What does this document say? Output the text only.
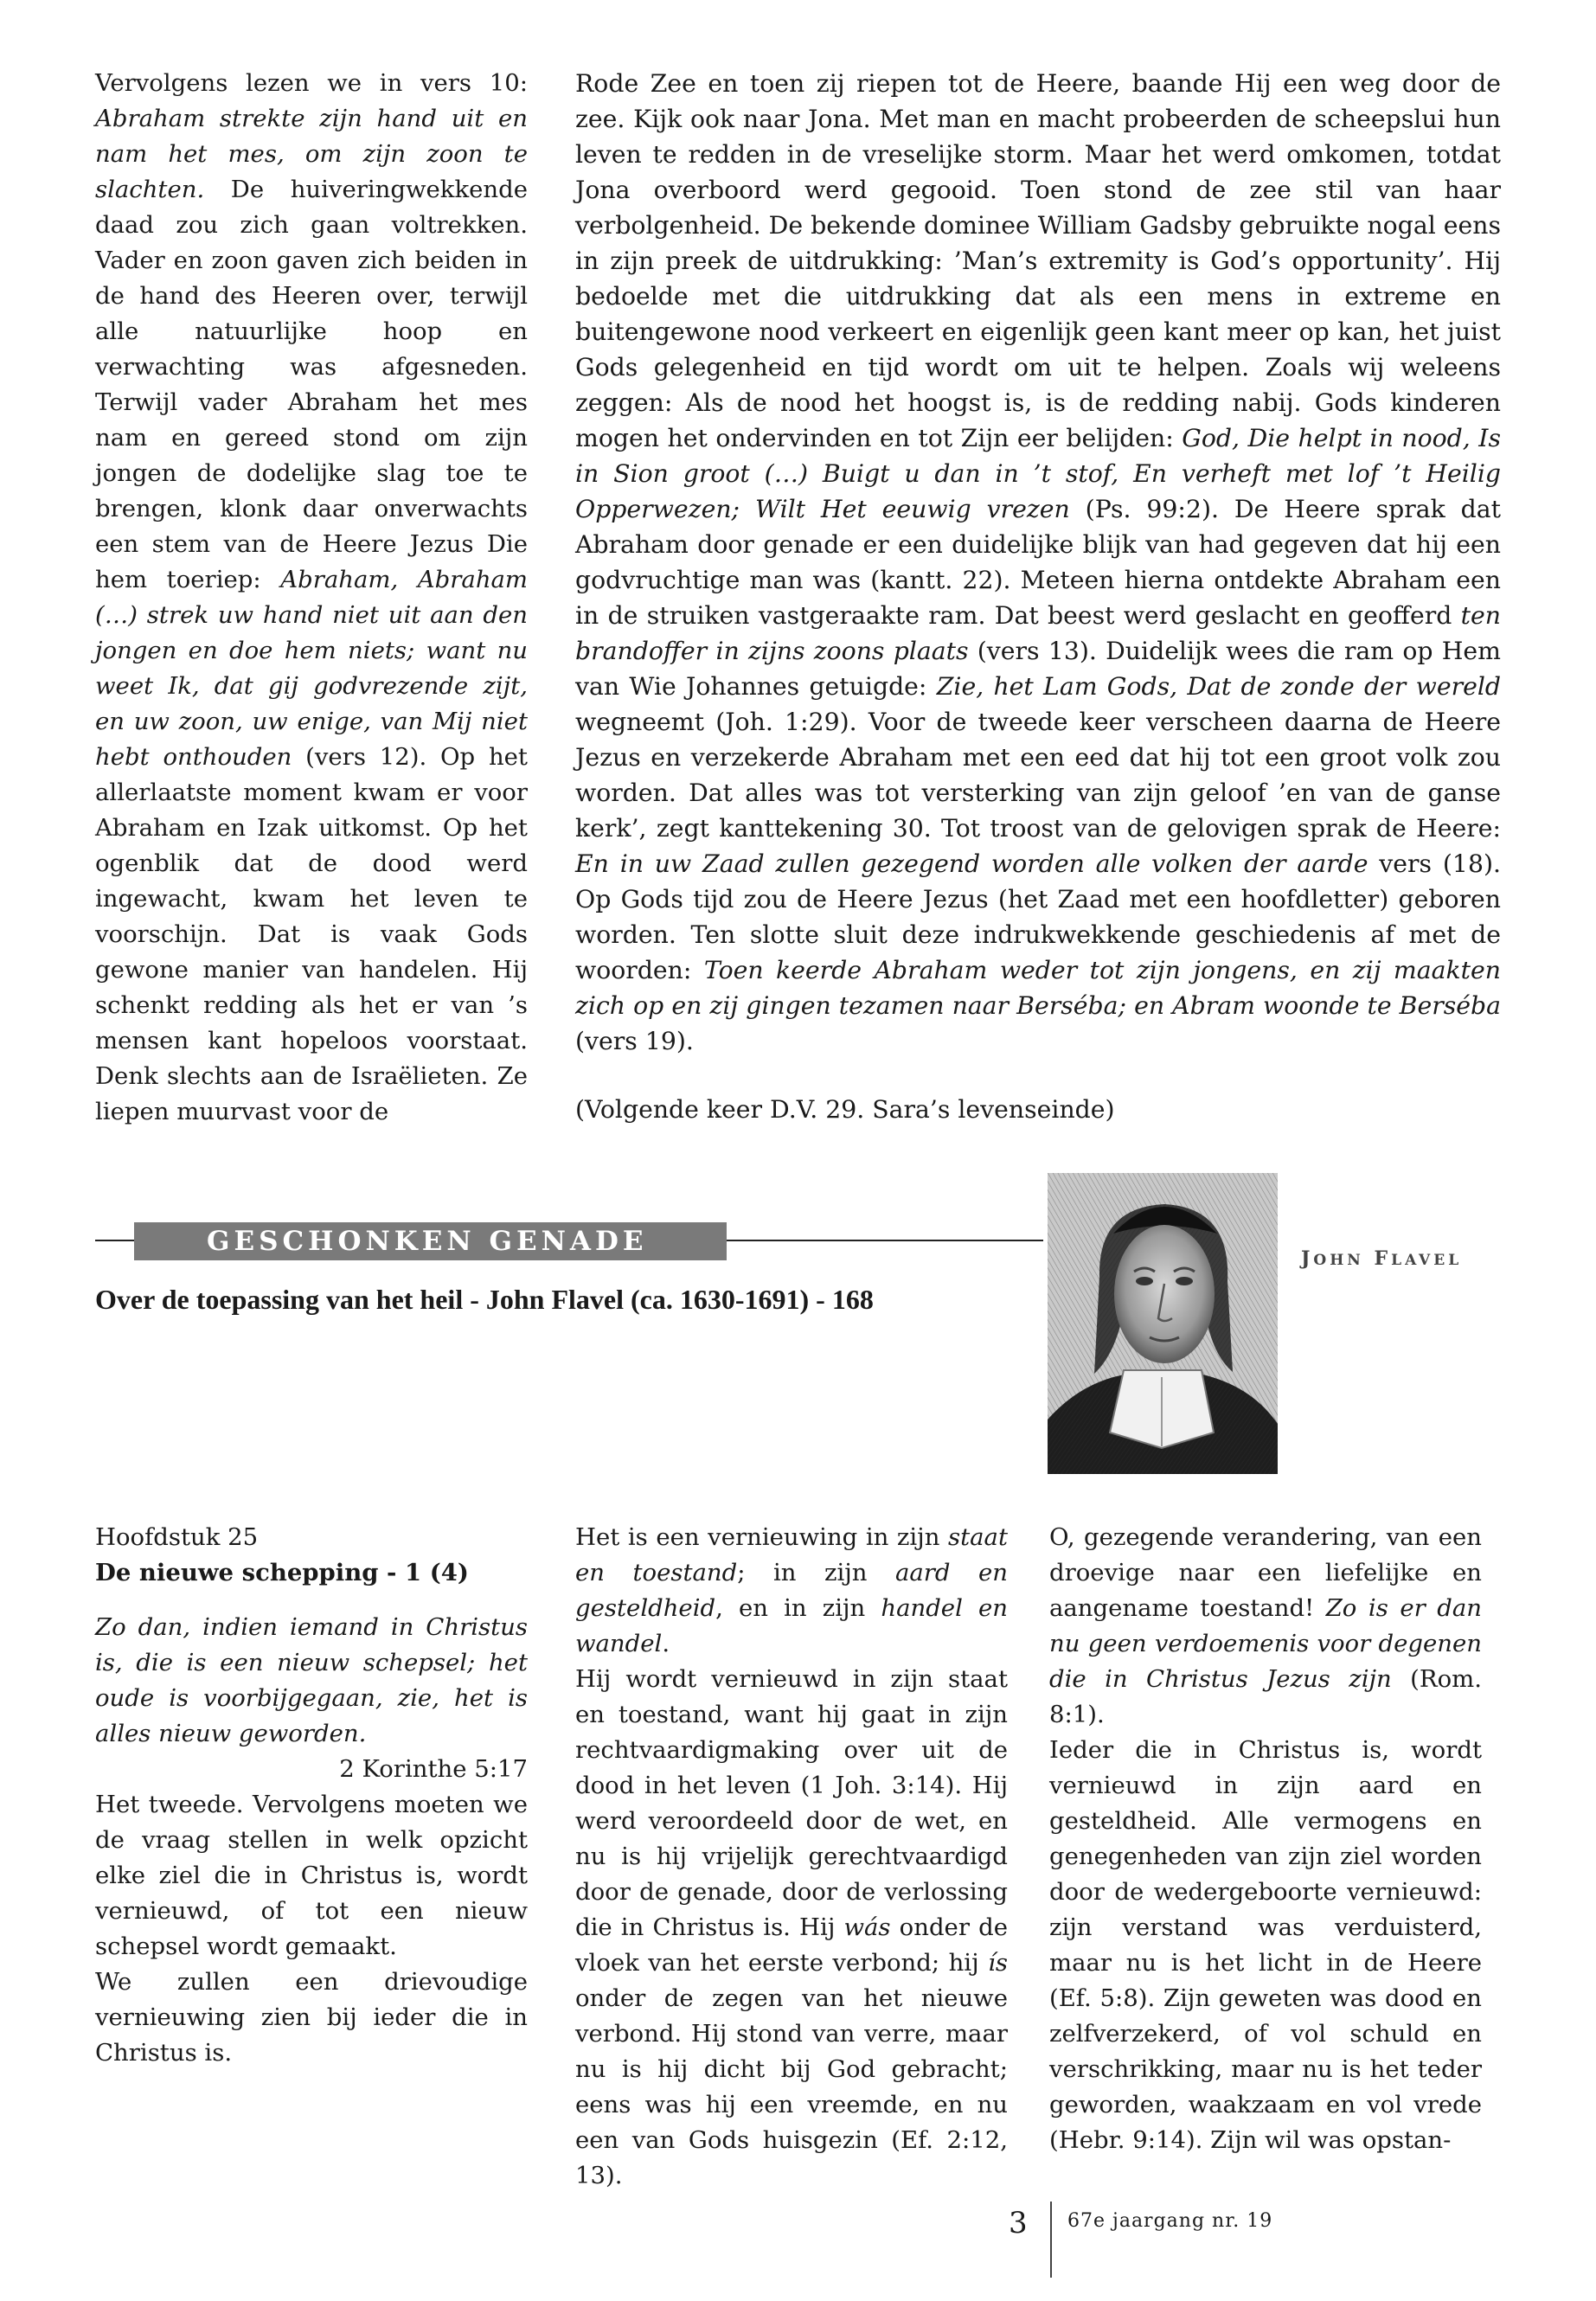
Vervolgens lezen we in vers 10: Abraham strekte zijn hand uit en nam het mes, om zijn zoon te slachten. De huiveringwekkende daad zou zich gaan voltrekken. Vader en zoon gaven zich beiden in de hand des Heeren over, terwijl alle natuurlijke hoop en verwachting was afgesneden. Terwijl vader Abraham het mes nam en gereed stond om zijn jongen de dodelijke slag toe te brengen, klonk daar onverwachts een stem van de Heere Jezus Die hem toeriep: Abraham, Abraham (…) strek uw hand niet uit aan den jongen en doe hem niets; want nu weet Ik, dat gij godvrezende zijt, en uw zoon, uw enige, van Mij niet hebt onthouden (vers 12). Op het allerlaatste moment kwam er voor Abraham en Izak uitkomst. Op het ogenblik dat de dood werd ingewacht, kwam het leven te voorschijn. Dat is vaak Gods gewone manier van handelen. Hij schenkt redding als het er van ’s mensen kant hopeloos voorstaat. Denk slechts aan de Israëlieten. Ze liepen muurvast voor de

Rode Zee en toen zij riepen tot de Heere, baande Hij een weg door de zee. Kijk ook naar Jona. Met man en macht probeerden de scheepslui hun leven te redden in de vreselijke storm. Maar het werd omkomen, totdat Jona overboord werd gegooid. Toen stond de zee stil van haar verbolgenheid. De bekende dominee William Gadsby gebruikte nogal eens in zijn preek de uitdrukking: ’Man’s extremity is God’s opportunity’. Hij bedoelde met die uitdrukking dat als een mens in extreme en buitengewone nood verkeert en eigenlijk geen kant meer op kan, het juist Gods gelegenheid en tijd wordt om uit te helpen. Zoals wij weleens zeggen: Als de nood het hoogst is, is de redding nabij. Gods kinderen mogen het ondervinden en tot Zijn eer belijden: God, Die helpt in nood, Is in Sion groot (…) Buigt u dan in ’t stof, En verheft met lof ’t Heilig Opperwezen; Wilt Het eeuwig vrezen (Ps. 99:2). De Heere sprak dat Abraham door genade er een duidelijke blijk van had gegeven dat hij een godvruchtige man was (kantt. 22). Meteen hierna ontdekte Abraham een in de struiken vastgeraakte ram. Dat beest werd geslacht en geofferd ten brandoffer in zijns zoons plaats (vers 13). Duidelijk wees die ram op Hem van Wie Johannes getuigde: Zie, het Lam Gods, Dat de zonde der wereld wegneemt (Joh. 1:29). Voor de tweede keer verscheen daarna de Heere Jezus en verzekerde Abraham met een eed dat hij tot een groot volk zou worden. Dat alles was tot versterking van zijn geloof ’en van de ganse kerk’, zegt kanttekening 30. Tot troost van de gelovigen sprak de Heere: En in uw Zaad zullen gezegend worden alle volken der aarde vers (18). Op Gods tijd zou de Heere Jezus (het Zaad met een hoofdletter) geboren worden. Ten slotte sluit deze indrukwekkende geschiedenis af met de woorden: Toen keerde Abraham weder tot zijn jongens, en zij maakten zich op en zij gingen tezamen naar Berséba; en Abram woonde te Berséba (vers 19).

(Volgende keer D.V. 29. Sara’s levenseinde)

GESCHONKEN GENADE
Over de toepassing van het heil - John Flavel (ca. 1630-1691) - 168
JOHN FLAVEL

Hoofdstuk 25

De nieuwe schepping - 1 (4)

Zo dan, indien iemand in Christus is, die is een nieuw schepsel; het oude is voorbijgegaan, zie, het is alles nieuw geworden.

2 Korinthe 5:17

Het tweede. Vervolgens moeten we de vraag stellen in welk opzicht elke ziel die in Christus is, wordt vernieuwd, of tot een nieuw schepsel wordt gemaakt.

We zullen een drievoudige vernieuwing zien bij ieder die in Christus is.

Het is een vernieuwing in zijn staat en toestand; in zijn aard en gesteldheid, en in zijn handel en wandel.

Hij wordt vernieuwd in zijn staat en toestand, want hij gaat in zijn rechtvaardigmaking over uit de dood in het leven (1 Joh. 3:14). Hij werd veroordeeld door de wet, en nu is hij vrijelijk gerechtvaardigd door de genade, door de verlossing die in Christus is. Hij wás onder de vloek van het eerste verbond; hij ís onder de zegen van het nieuwe verbond. Hij stond van verre, maar nu is hij dicht bij God gebracht; eens was hij een vreemde, en nu een van Gods huisgezin (Ef. 2:12, 13).

O, gezegende verandering, van een droevige naar een liefelijke en aangename toestand! Zo is er dan nu geen verdoemenis voor degenen die in Christus Jezus zijn (Rom. 8:1).

Ieder die in Christus is, wordt vernieuwd in zijn aard en gesteldheid. Alle vermogens en genegenheden van zijn ziel worden door de wedergeboorte vernieuwd: zijn verstand was verduisterd, maar nu is het licht in de Heere (Ef. 5:8). Zijn geweten was dood en zelfverzekerd, of vol schuld en verschrikking, maar nu is het teder geworden, waakzaam en vol vrede (Hebr. 9:14). Zijn wil was opstan-

3 67e jaargang nr. 19
